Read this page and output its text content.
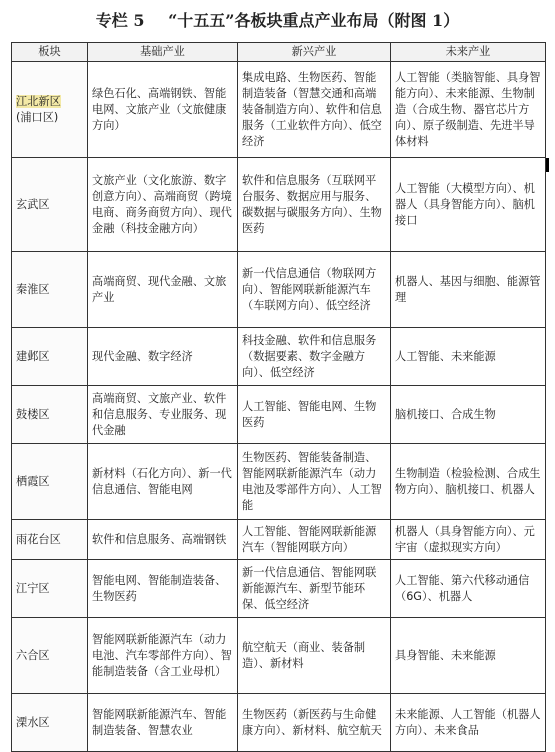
专栏 5 “十五五”各板块重点产业布局（附图 1）
板块	基础产业	新兴产业	未来产业
江北新区
(浦口区)	绿色石化、高端钢铁、智能电网、文旅产业（文旅健康方向）	集成电路、生物医药、智能制造装备（智慧交通和高端装备制造方向）、软件和信息服务（工业软件方向）、低空经济	人工智能（类脑智能、具身智能方向）、未来能源、生物制造（合成生物、器官芯片方向）、原子级制造、先进半导体材料
玄武区	文旅产业（文化旅游、数字创意方向）、高端商贸（跨境电商、商务商贸方向）、现代金融（科技金融方向）	软件和信息服务（互联网平台服务、数据应用与服务、碳数据与碳服务方向）、生物医药	人工智能（大模型方向）、机器人（具身智能方向）、脑机接口
秦淮区	高端商贸、现代金融、文旅产业	新一代信息通信（物联网方向）、智能网联新能源汽车（车联网方向）、低空经济	机器人、基因与细胞、能源管理
建邺区	现代金融、数字经济	科技金融、软件和信息服务（数据要素、数字金融方向）、低空经济	人工智能、未来能源
鼓楼区	高端商贸、文旅产业、软件和信息服务、专业服务、现代金融	人工智能、智能电网、生物医药	脑机接口、合成生物
栖霞区	新材料（石化方向）、新一代信息通信、智能电网	生物医药、智能装备制造、智能网联新能源汽车（动力电池及零部件方向）、人工智能	生物制造（检验检测、合成生物方向）、脑机接口、机器人
雨花台区	软件和信息服务、高端钢铁	人工智能、智能网联新能源汽车（智能网联方向）	机器人（具身智能方向）、元宇宙（虚拟现实方向）
江宁区	智能电网、智能制造装备、生物医药	新一代信息通信、智能网联新能源汽车、新型节能环保、低空经济	人工智能、第六代移动通信（6G）、机器人
六合区	智能网联新能源汽车（动力电池、汽车零部件方向）、智能制造装备（含工业母机）	航空航天（商业、装备制造）、新材料	具身智能、未来能源
溧水区	智能网联新能源汽车、智能制造装备、智慧农业	生物医药（新医药与生命健康方向）、新材料、航空航天	未来能源、人工智能（机器人方向）、未来食品
